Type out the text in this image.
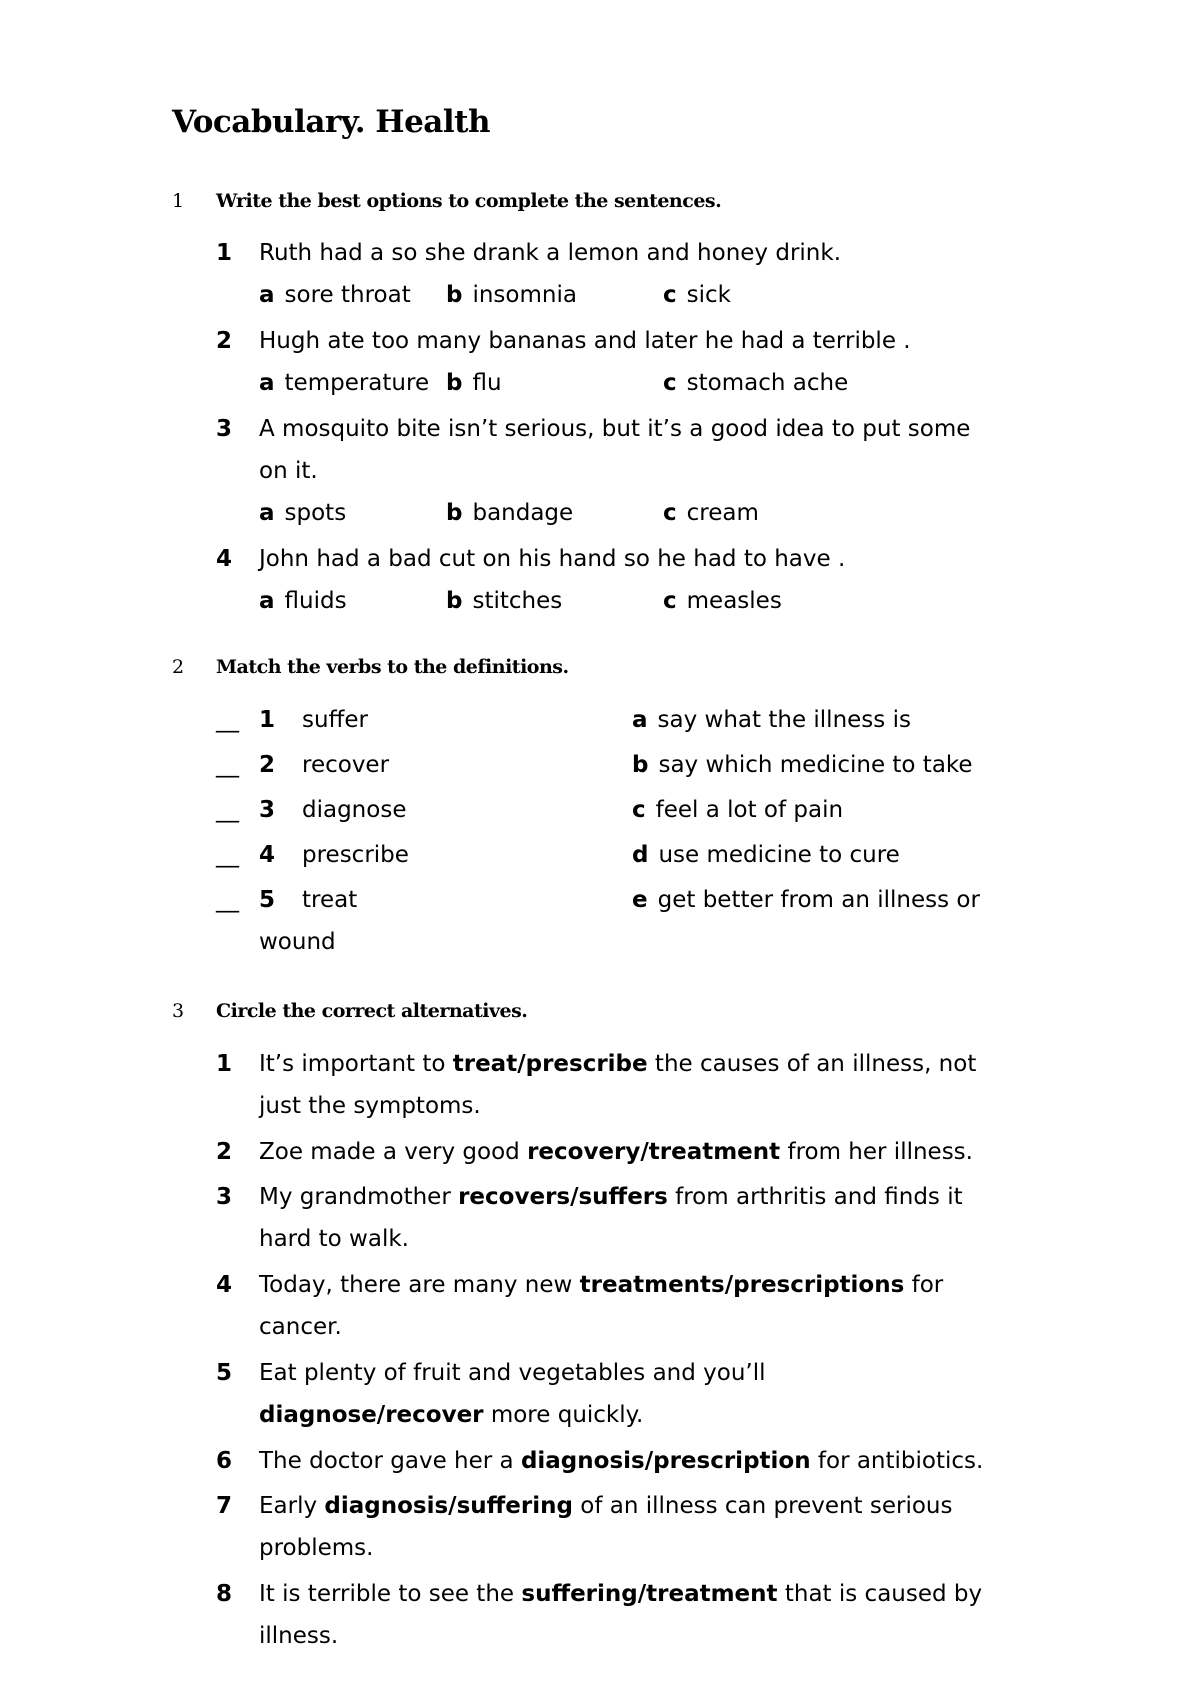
Vocabulary. Health
1 Write the best options to complete the sentences.
1 Ruth had a so she drank a lemon and honey drink.
a sore throat b insomnia	c sick
2 Hugh ate too many bananas and later he had a terrible .
a temperature b flu	c stomach ache
3 A mosquito bite isn’t serious, but it’s a good idea to put some
on it.
a spots	b bandage	c cream
4 John had a bad cut on his hand so he had to have .
a fluids	b stitches	c measles
2 Match the verbs to the definitions.
__ 1 suffer	a say what the illness is
__ 2 recover	b say which medicine to take
__ 3 diagnose	c feel a lot of pain
__ 4 prescribe	d use medicine to cure
__ 5 treat	e get better from an illness or
wound
3 Circle the correct alternatives.
1 It’s important to treat/prescribe the causes of an illness, not
just the symptoms.
2 Zoe made a very good recovery/treatment from her illness.
3 My grandmother recovers/suffers from arthritis and finds it
hard to walk.
4 Today, there are many new treatments/prescriptions for
cancer.
5 Eat plenty of fruit and vegetables and you’ll
diagnose/recover more quickly.
6 The doctor gave her a diagnosis/prescription for antibiotics.
7 Early diagnosis/suffering of an illness can prevent serious
problems.
8 It is terrible to see the suffering/treatment that is caused by
illness.
